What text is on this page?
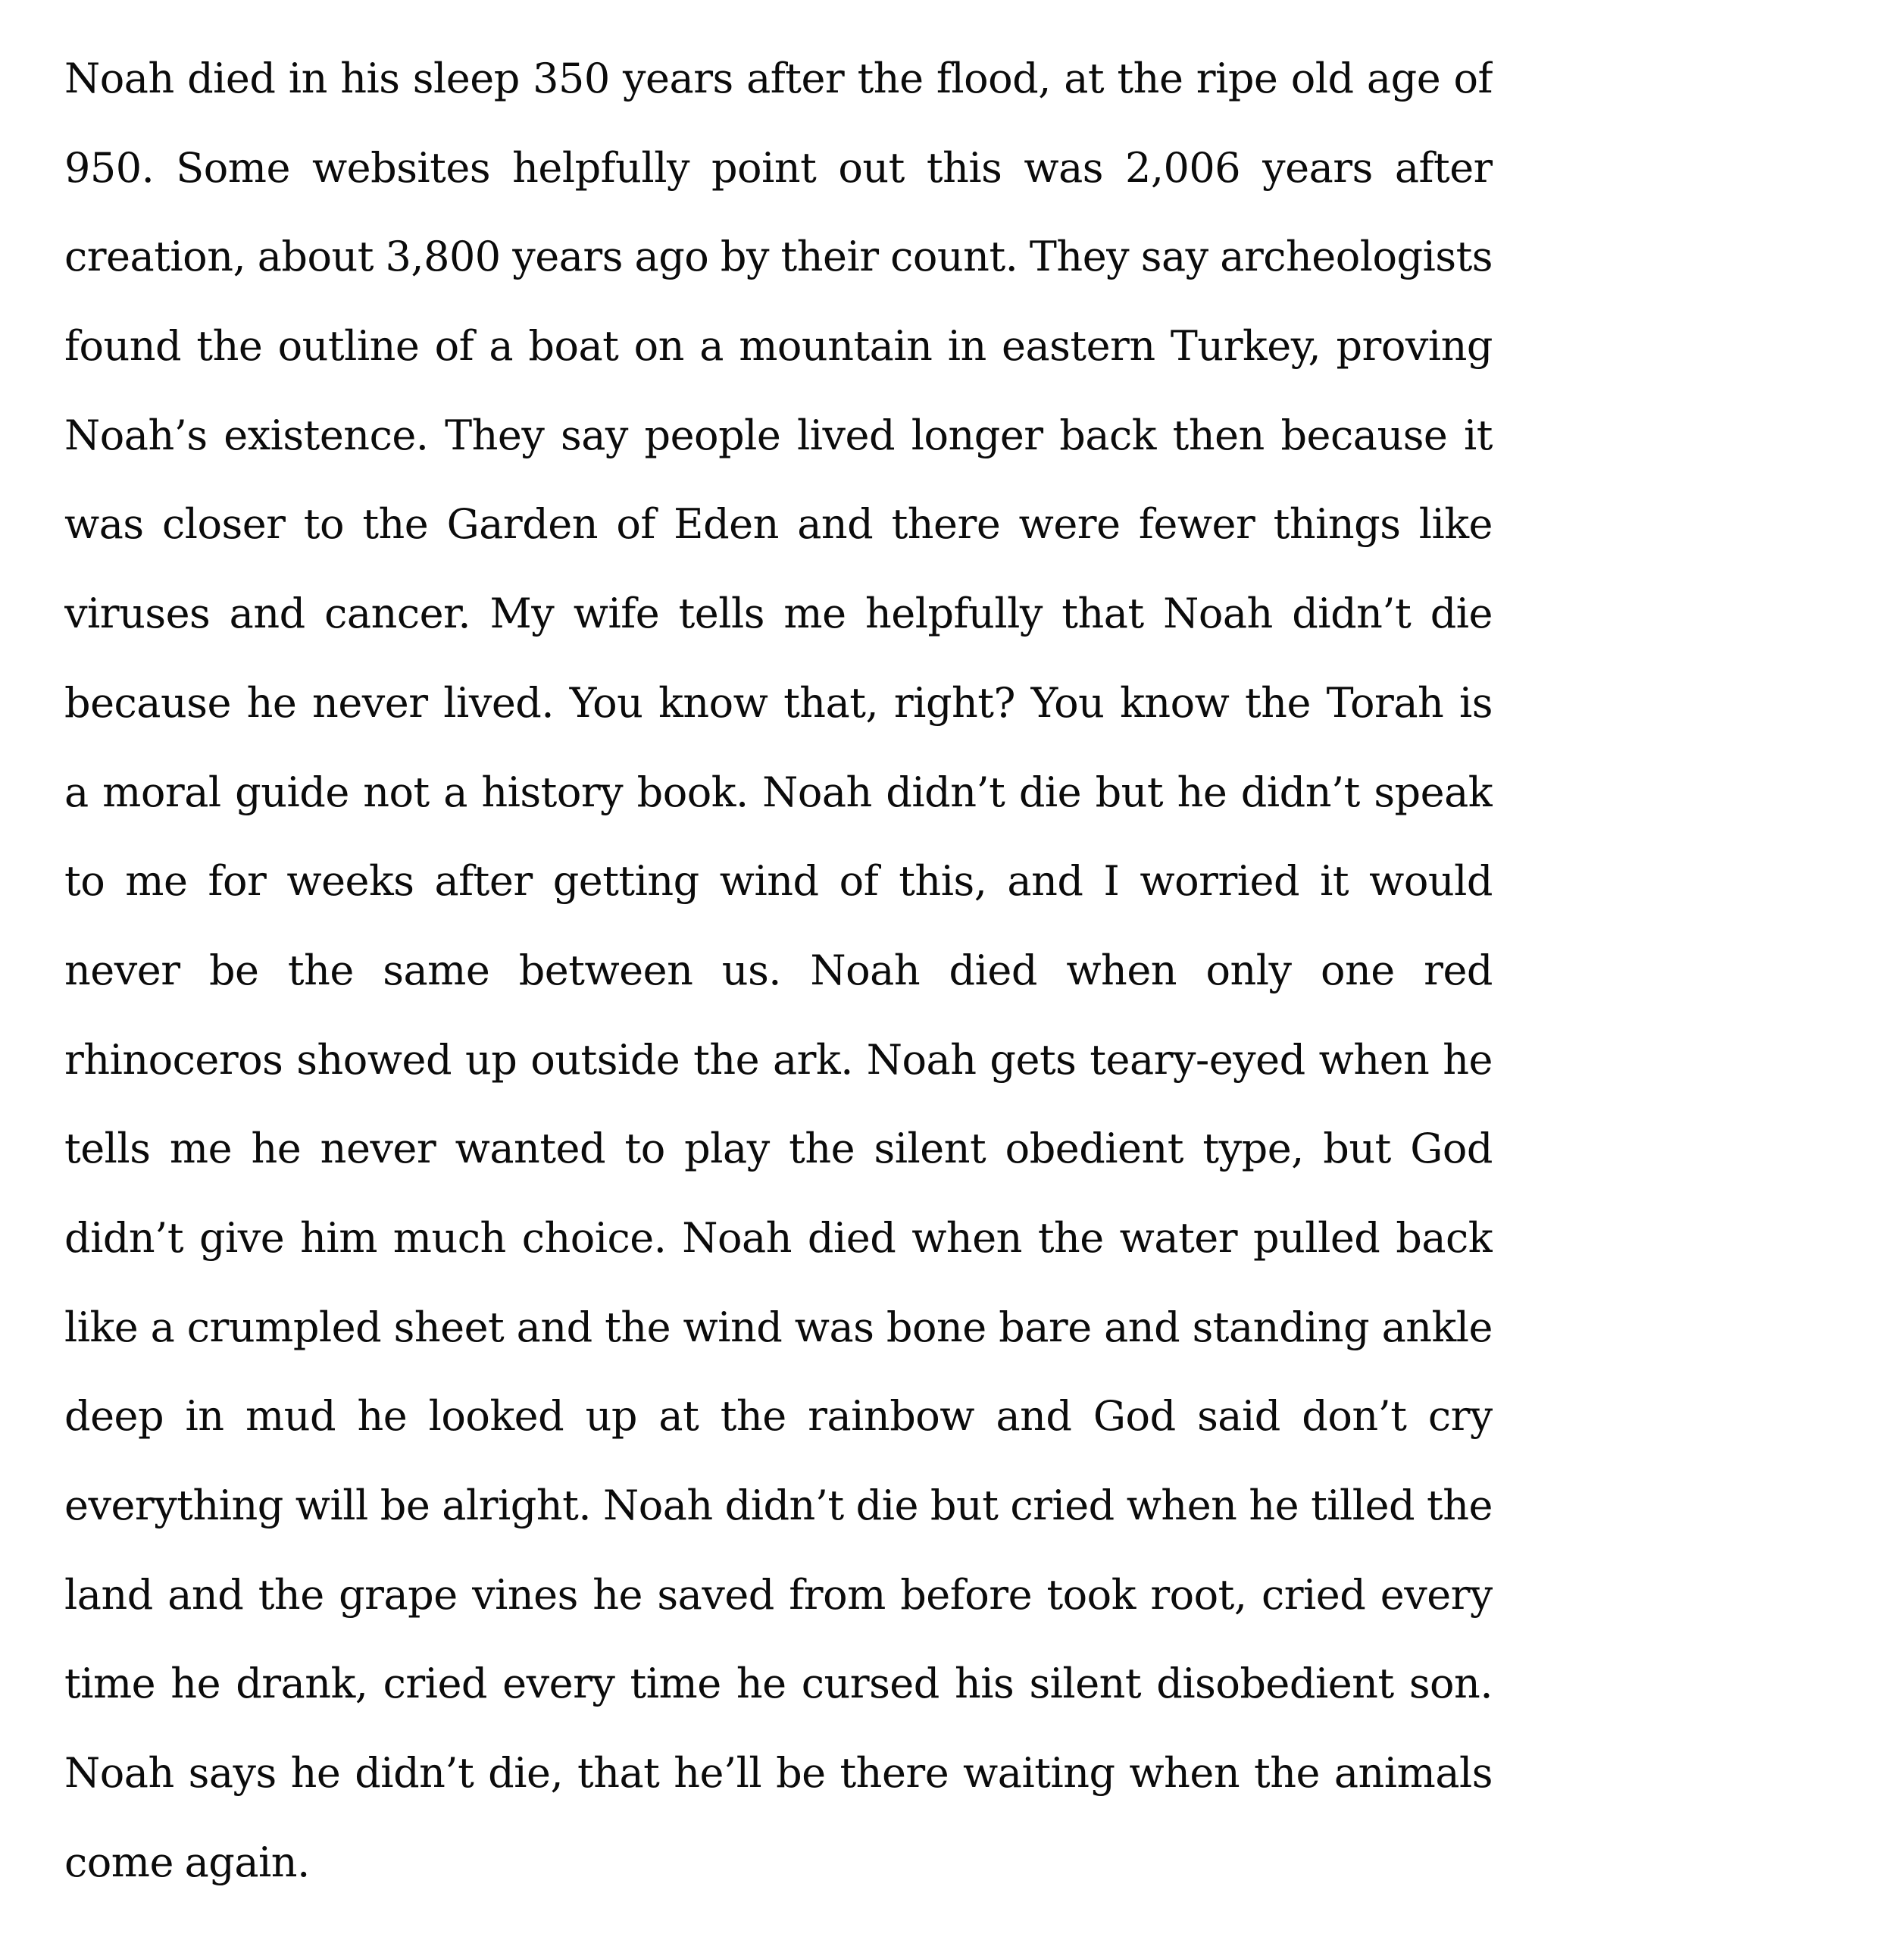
Noah died in his sleep 350 years after the flood, at the ripe old age of
950. Some websites helpfully point out this was 2,006 years after
creation, about 3,800 years ago by their count. They say archeologists
found the outline of a boat on a mountain in eastern Turkey, proving
Noah’s existence. They say people lived longer back then because it
was closer to the Garden of Eden and there were fewer things like
viruses and cancer. My wife tells me helpfully that Noah didn’t die
because he never lived. You know that, right? You know the Torah is
a moral guide not a history book. Noah didn’t die but he didn’t speak
to me for weeks after getting wind of this, and I worried it would
never be the same between us. Noah died when only one red
rhinoceros showed up outside the ark. Noah gets teary-eyed when he
tells me he never wanted to play the silent obedient type, but God
didn’t give him much choice. Noah died when the water pulled back
like a crumpled sheet and the wind was bone bare and standing ankle
deep in mud he looked up at the rainbow and God said don’t cry
everything will be alright. Noah didn’t die but cried when he tilled the
land and the grape vines he saved from before took root, cried every
time he drank, cried every time he cursed his silent disobedient son.
Noah says he didn’t die, that he’ll be there waiting when the animals
come again.
